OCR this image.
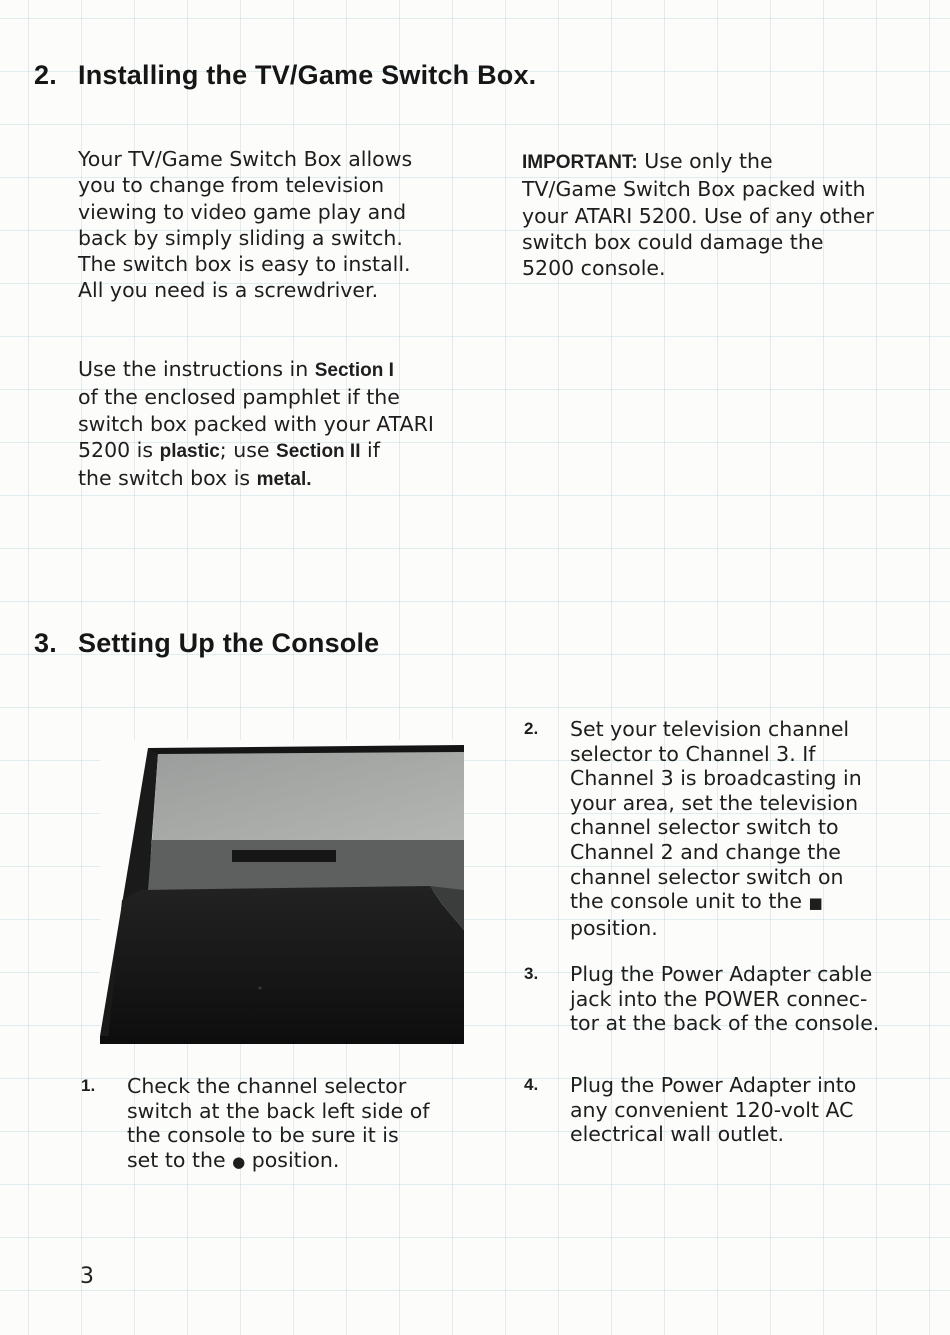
2. Installing the TV/Game Switch Box.

Your TV/Game Switch Box allows
you to change from television
viewing to video game play and
back by simply sliding a switch.
The switch box is easy to install.
All you need is a screwdriver.

Use the instructions in Section I
of the enclosed pamphlet if the
switch box packed with your ATARI
5200 is plastic; use Section II if
the switch box is metal.

IMPORTANT: Use only the
TV/Game Switch Box packed with
your ATARI 5200. Use of any other
switch box could damage the
5200 console.

3. Setting Up the Console
1. Check the channel selector
switch at the back left side of
the console to be sure it is
set to the ● position.
2. Set your television channel
selector to Channel 3. If
Channel 3 is broadcasting in
your area, set the television
channel selector switch to
Channel 2 and change the
channel selector switch on
the console unit to the ■
position.
3. Plug the Power Adapter cable
jack into the POWER connec-
tor at the back of the console.
4. Plug the Power Adapter into
any convenient 120-volt AC
electrical wall outlet.
3
